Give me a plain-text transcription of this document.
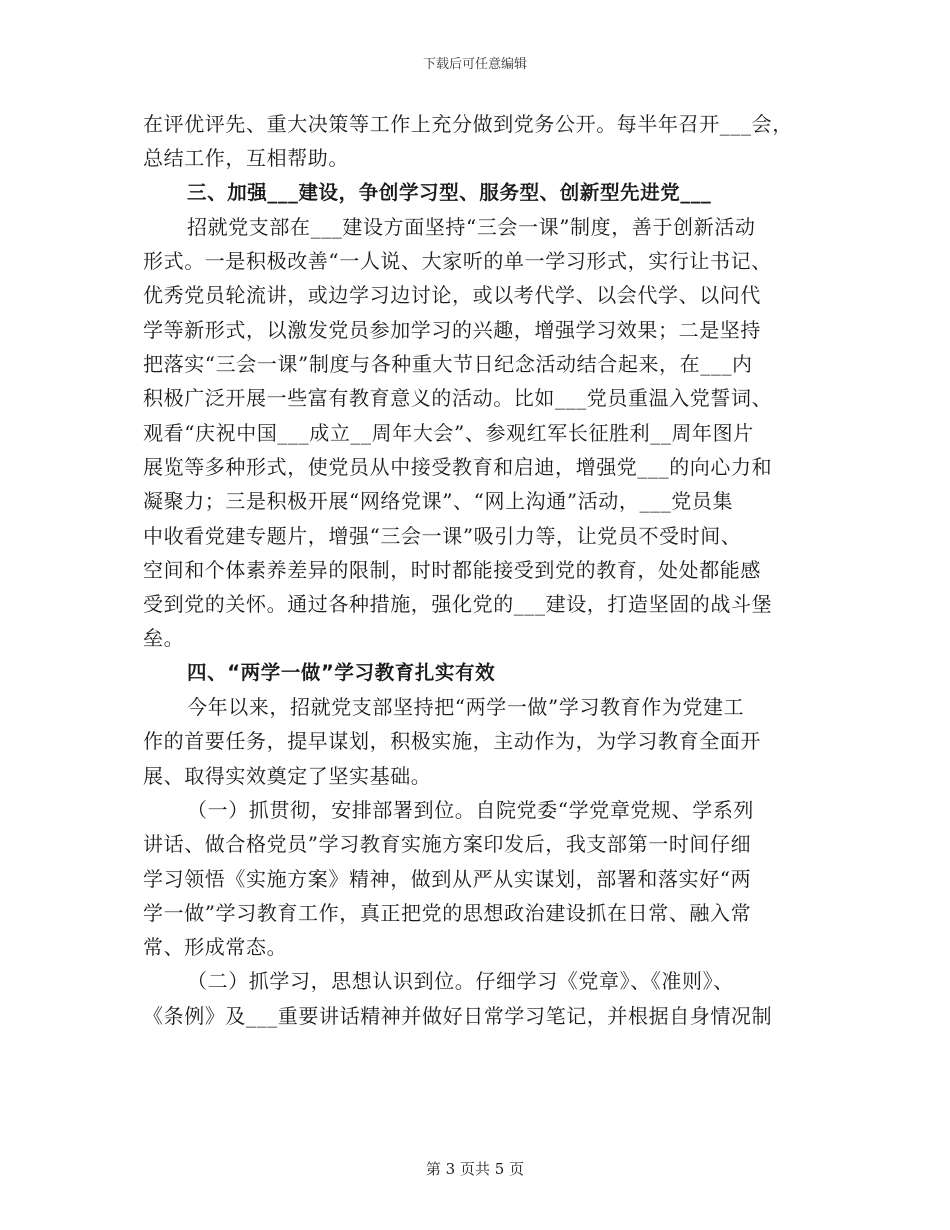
下载后可任意编辑
在评优评先、重大决策等工作上充分做到党务公开。每半年召开___会，
总结工作，互相帮助。
三、加强___建设，争创学习型、服务型、创新型先进党___
招就党支部在___建设方面坚持“三会一课”制度，善于创新活动
形式。一是积极改善“一人说、大家听的单一学习形式，实行让书记、
优秀党员轮流讲，或边学习边讨论，或以考代学、以会代学、以问代
学等新形式，以激发党员参加学习的兴趣，增强学习效果；二是坚持
把落实“三会一课”制度与各种重大节日纪念活动结合起来，在___内
积极广泛开展一些富有教育意义的活动。比如___党员重温入党誓词、
观看“庆祝中国___成立__周年大会”、参观红军长征胜利__周年图片
展览等多种形式，使党员从中接受教育和启迪，增强党___的向心力和
凝聚力；三是积极开展“网络党课”、“网上沟通”活动，___党员集
中收看党建专题片，增强“三会一课”吸引力等，让党员不受时间、
空间和个体素养差异的限制，时时都能接受到党的教育，处处都能感
受到党的关怀。通过各种措施，强化党的___建设，打造坚固的战斗堡
垒。
四、“两学一做”学习教育扎实有效
今年以来，招就党支部坚持把“两学一做”学习教育作为党建工
作的首要任务，提早谋划，积极实施，主动作为，为学习教育全面开
展、取得实效奠定了坚实基础。
（一）抓贯彻，安排部署到位。自院党委“学党章党规、学系列
讲话、做合格党员”学习教育实施方案印发后，我支部第一时间仔细
学习领悟《实施方案》精神，做到从严从实谋划，部署和落实好“两
学一做”学习教育工作，真正把党的思想政治建设抓在日常、融入常
常、形成常态。
（二）抓学习，思想认识到位。仔细学习《党章》、《准则》、
《条例》及___重要讲话精神并做好日常学习笔记，并根据自身情况制
第 3 页共 5 页
